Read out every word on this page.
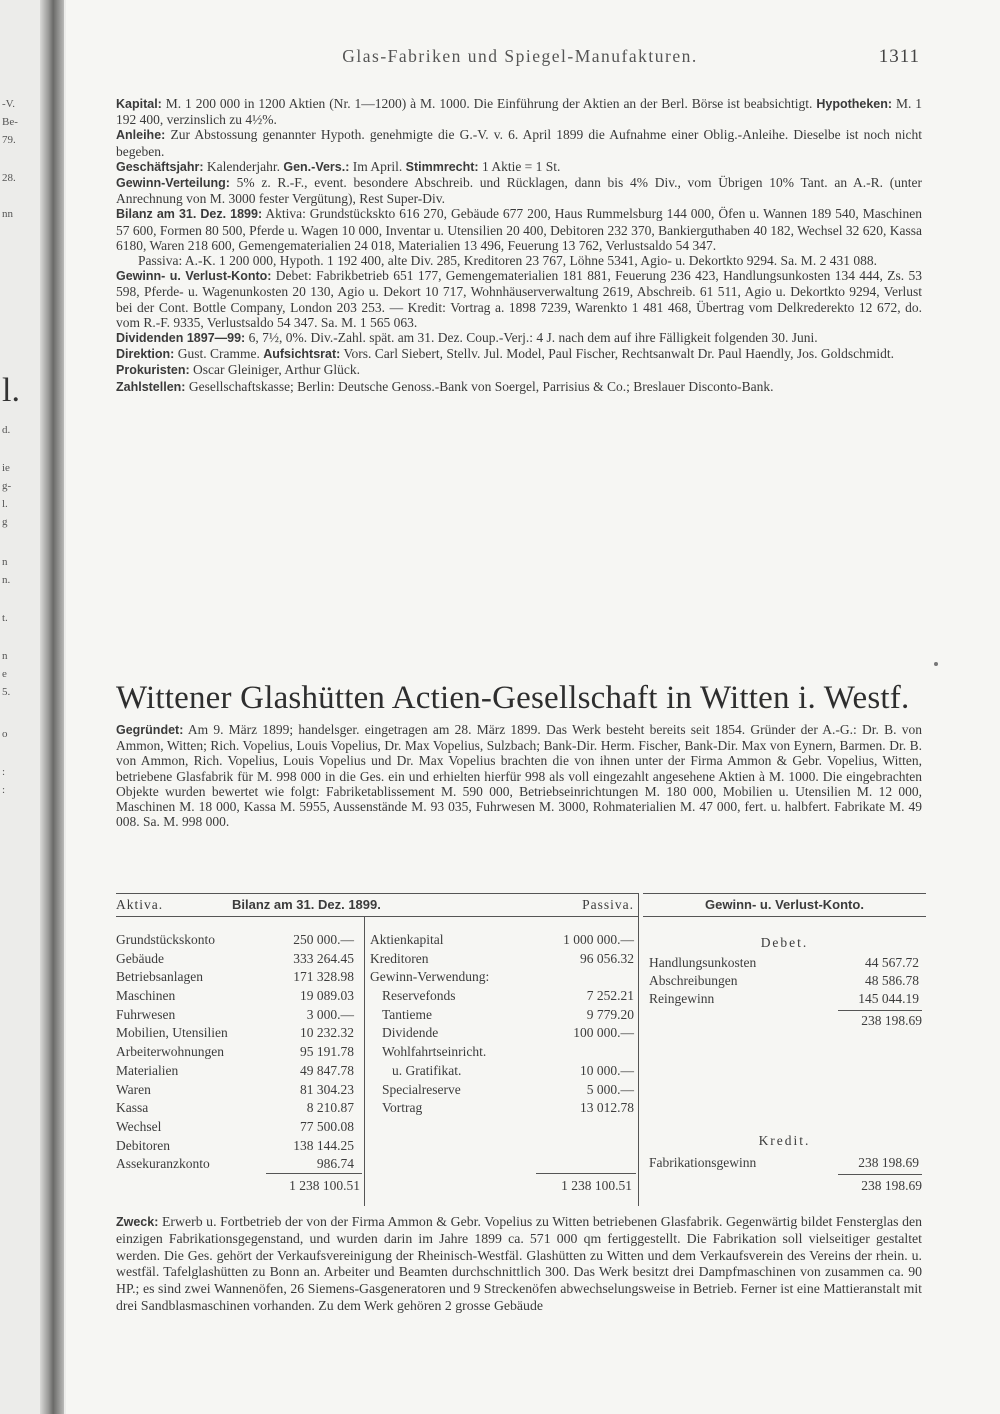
-V.
Be-
79.
28.
nn
l.
d.
ie
g-
l.
g
n
n.
t.
n
e
5.
o
:
:
Glas-Fabriken und Spiegel-Manufakturen.	1311

Kapital: M. 1 200 000 in 1200 Aktien (Nr. 1—1200) à M. 1000. Die Einführung der Aktien an der Berl. Börse ist beabsichtigt. Hypotheken: M. 1 192 400, verzinslich zu 4½%.

Anleihe: Zur Abstossung genannter Hypoth. genehmigte die G.-V. v. 6. April 1899 die Aufnahme einer Oblig.-Anleihe. Dieselbe ist noch nicht begeben.

Geschäftsjahr: Kalenderjahr. Gen.-Vers.: Im April. Stimmrecht: 1 Aktie = 1 St.

Gewinn-Verteilung: 5% z. R.-F., event. besondere Abschreib. und Rücklagen, dann bis 4% Div., vom Übrigen 10% Tant. an A.-R. (unter Anrechnung von M. 3000 fester Vergütung), Rest Super-Div.

Bilanz am 31. Dez. 1899: Aktiva: Grundstückskto 616 270, Gebäude 677 200, Haus Rummelsburg 144 000, Öfen u. Wannen 189 540, Maschinen 57 600, Formen 80 500, Pferde u. Wagen 10 000, Inventar u. Utensilien 20 400, Debitoren 232 370, Bankierguthaben 40 182, Wechsel 32 620, Kassa 6180, Waren 218 600, Gemengematerialien 24 018, Materialien 13 496, Feuerung 13 762, Verlustsaldo 54 347.

Passiva: A.-K. 1 200 000, Hypoth. 1 192 400, alte Div. 285, Kreditoren 23 767, Löhne 5341, Agio- u. Dekortkto 9294. Sa. M. 2 431 088.

Gewinn- u. Verlust-Konto: Debet: Fabrikbetrieb 651 177, Gemengematerialien 181 881, Feuerung 236 423, Handlungsunkosten 134 444, Zs. 53 598, Pferde- u. Wagenunkosten 20 130, Agio u. Dekort 10 717, Wohnhäuserverwaltung 2619, Abschreib. 61 511, Agio u. Dekortkto 9294, Verlust bei der Cont. Bottle Company, London 203 253. — Kredit: Vortrag a. 1898 7239, Warenkto 1 481 468, Übertrag vom Delkrederekto 12 672, do. vom R.-F. 9335, Verlustsaldo 54 347. Sa. M. 1 565 063.

Dividenden 1897—99: 6, 7½, 0%. Div.-Zahl. spät. am 31. Dez. Coup.-Verj.: 4 J. nach dem auf ihre Fälligkeit folgenden 30. Juni.

Direktion: Gust. Cramme. Aufsichtsrat: Vors. Carl Siebert, Stellv. Jul. Model, Paul Fischer, Rechtsanwalt Dr. Paul Haendly, Jos. Goldschmidt.

Prokuristen: Oscar Gleiniger, Arthur Glück.

Zahlstellen: Gesellschaftskasse; Berlin: Deutsche Genoss.-Bank von Soergel, Parrisius & Co.; Breslauer Disconto-Bank.

Wittener Glashütten Actien-Gesellschaft in Witten i. Westf.

Gegründet: Am 9. März 1899; handelsger. eingetragen am 28. März 1899. Das Werk besteht bereits seit 1854. Gründer der A.-G.: Dr. B. von Ammon, Witten; Rich. Vopelius, Louis Vopelius, Dr. Max Vopelius, Sulzbach; Bank-Dir. Herm. Fischer, Bank-Dir. Max von Eynern, Barmen. Dr. B. von Ammon, Rich. Vopelius, Louis Vopelius und Dr. Max Vopelius brachten die von ihnen unter der Firma Ammon & Gebr. Vopelius, Witten, betriebene Glasfabrik für M. 998 000 in die Ges. ein und erhielten hierfür 998 als voll eingezahlt angesehene Aktien à M. 1000. Die eingebrachten Objekte wurden bewertet wie folgt: Fabriketablissement M. 590 000, Betriebseinrichtungen M. 180 000, Mobilien u. Utensilien M. 12 000, Maschinen M. 18 000, Kassa M. 5955, Aussenstände M. 93 035, Fuhrwesen M. 3000, Rohmaterialien M. 47 000, fert. u. halbfert. Fabrikate M. 49 008. Sa. M. 998 000.

Aktiva.	Bilanz am 31. Dez. 1899.	Passiva.
Grundstückskonto	250 000.—
Gebäude	333 264.45
Betriebsanlagen	171 328.98
Maschinen	19 089.03
Fuhrwesen	3 000.—
Mobilien, Utensilien	10 232.32
Arbeiterwohnungen	95 191.78
Materialien	49 847.78
Waren	81 304.23
Kassa	8 210.87
Wechsel	77 500.08
Debitoren	138 144.25
Assekuranzkonto	986.74
Aktienkapital	1 000 000.—
Kreditoren	96 056.32
Gewinn-Verwendung:
Reservefonds	7 252.21
Tantieme	9 779.20
Dividende	100 000.—
Wohlfahrtseinricht.
u. Gratifikat.	10 000.—
Specialreserve	5 000.—
Vortrag	13 012.78
1 238 100.51	1 238 100.51
Gewinn- u. Verlust-Konto.
Debet.
Handlungsunkosten	44 567.72
Abschreibungen	48 586.78
Reingewinn	145 044.19
238 198.69
Kredit.
Fabrikationsgewinn	238 198.69
238 198.69
Zweck: Erwerb u. Fortbetrieb der von der Firma Ammon & Gebr. Vopelius zu Witten betriebenen Glasfabrik. Gegenwärtig bildet Fensterglas den einzigen Fabrikationsgegenstand, und wurden darin im Jahre 1899 ca. 571 000 qm fertiggestellt. Die Fabrikation soll vielseitiger gestaltet werden. Die Ges. gehört der Verkaufsvereinigung der Rheinisch-Westfäl. Glashütten zu Witten und dem Verkaufsverein des Vereins der rhein. u. westfäl. Tafelglashütten zu Bonn an. Arbeiter und Beamten durchschnittlich 300. Das Werk besitzt drei Dampfmaschinen von zusammen ca. 90 HP.; es sind zwei Wannenöfen, 26 Siemens-Gasgeneratoren und 9 Streckenöfen abwechselungsweise in Betrieb. Ferner ist eine Mattieranstalt mit drei Sandblasmaschinen vorhanden. Zu dem Werk gehören 2 grosse Gebäude
